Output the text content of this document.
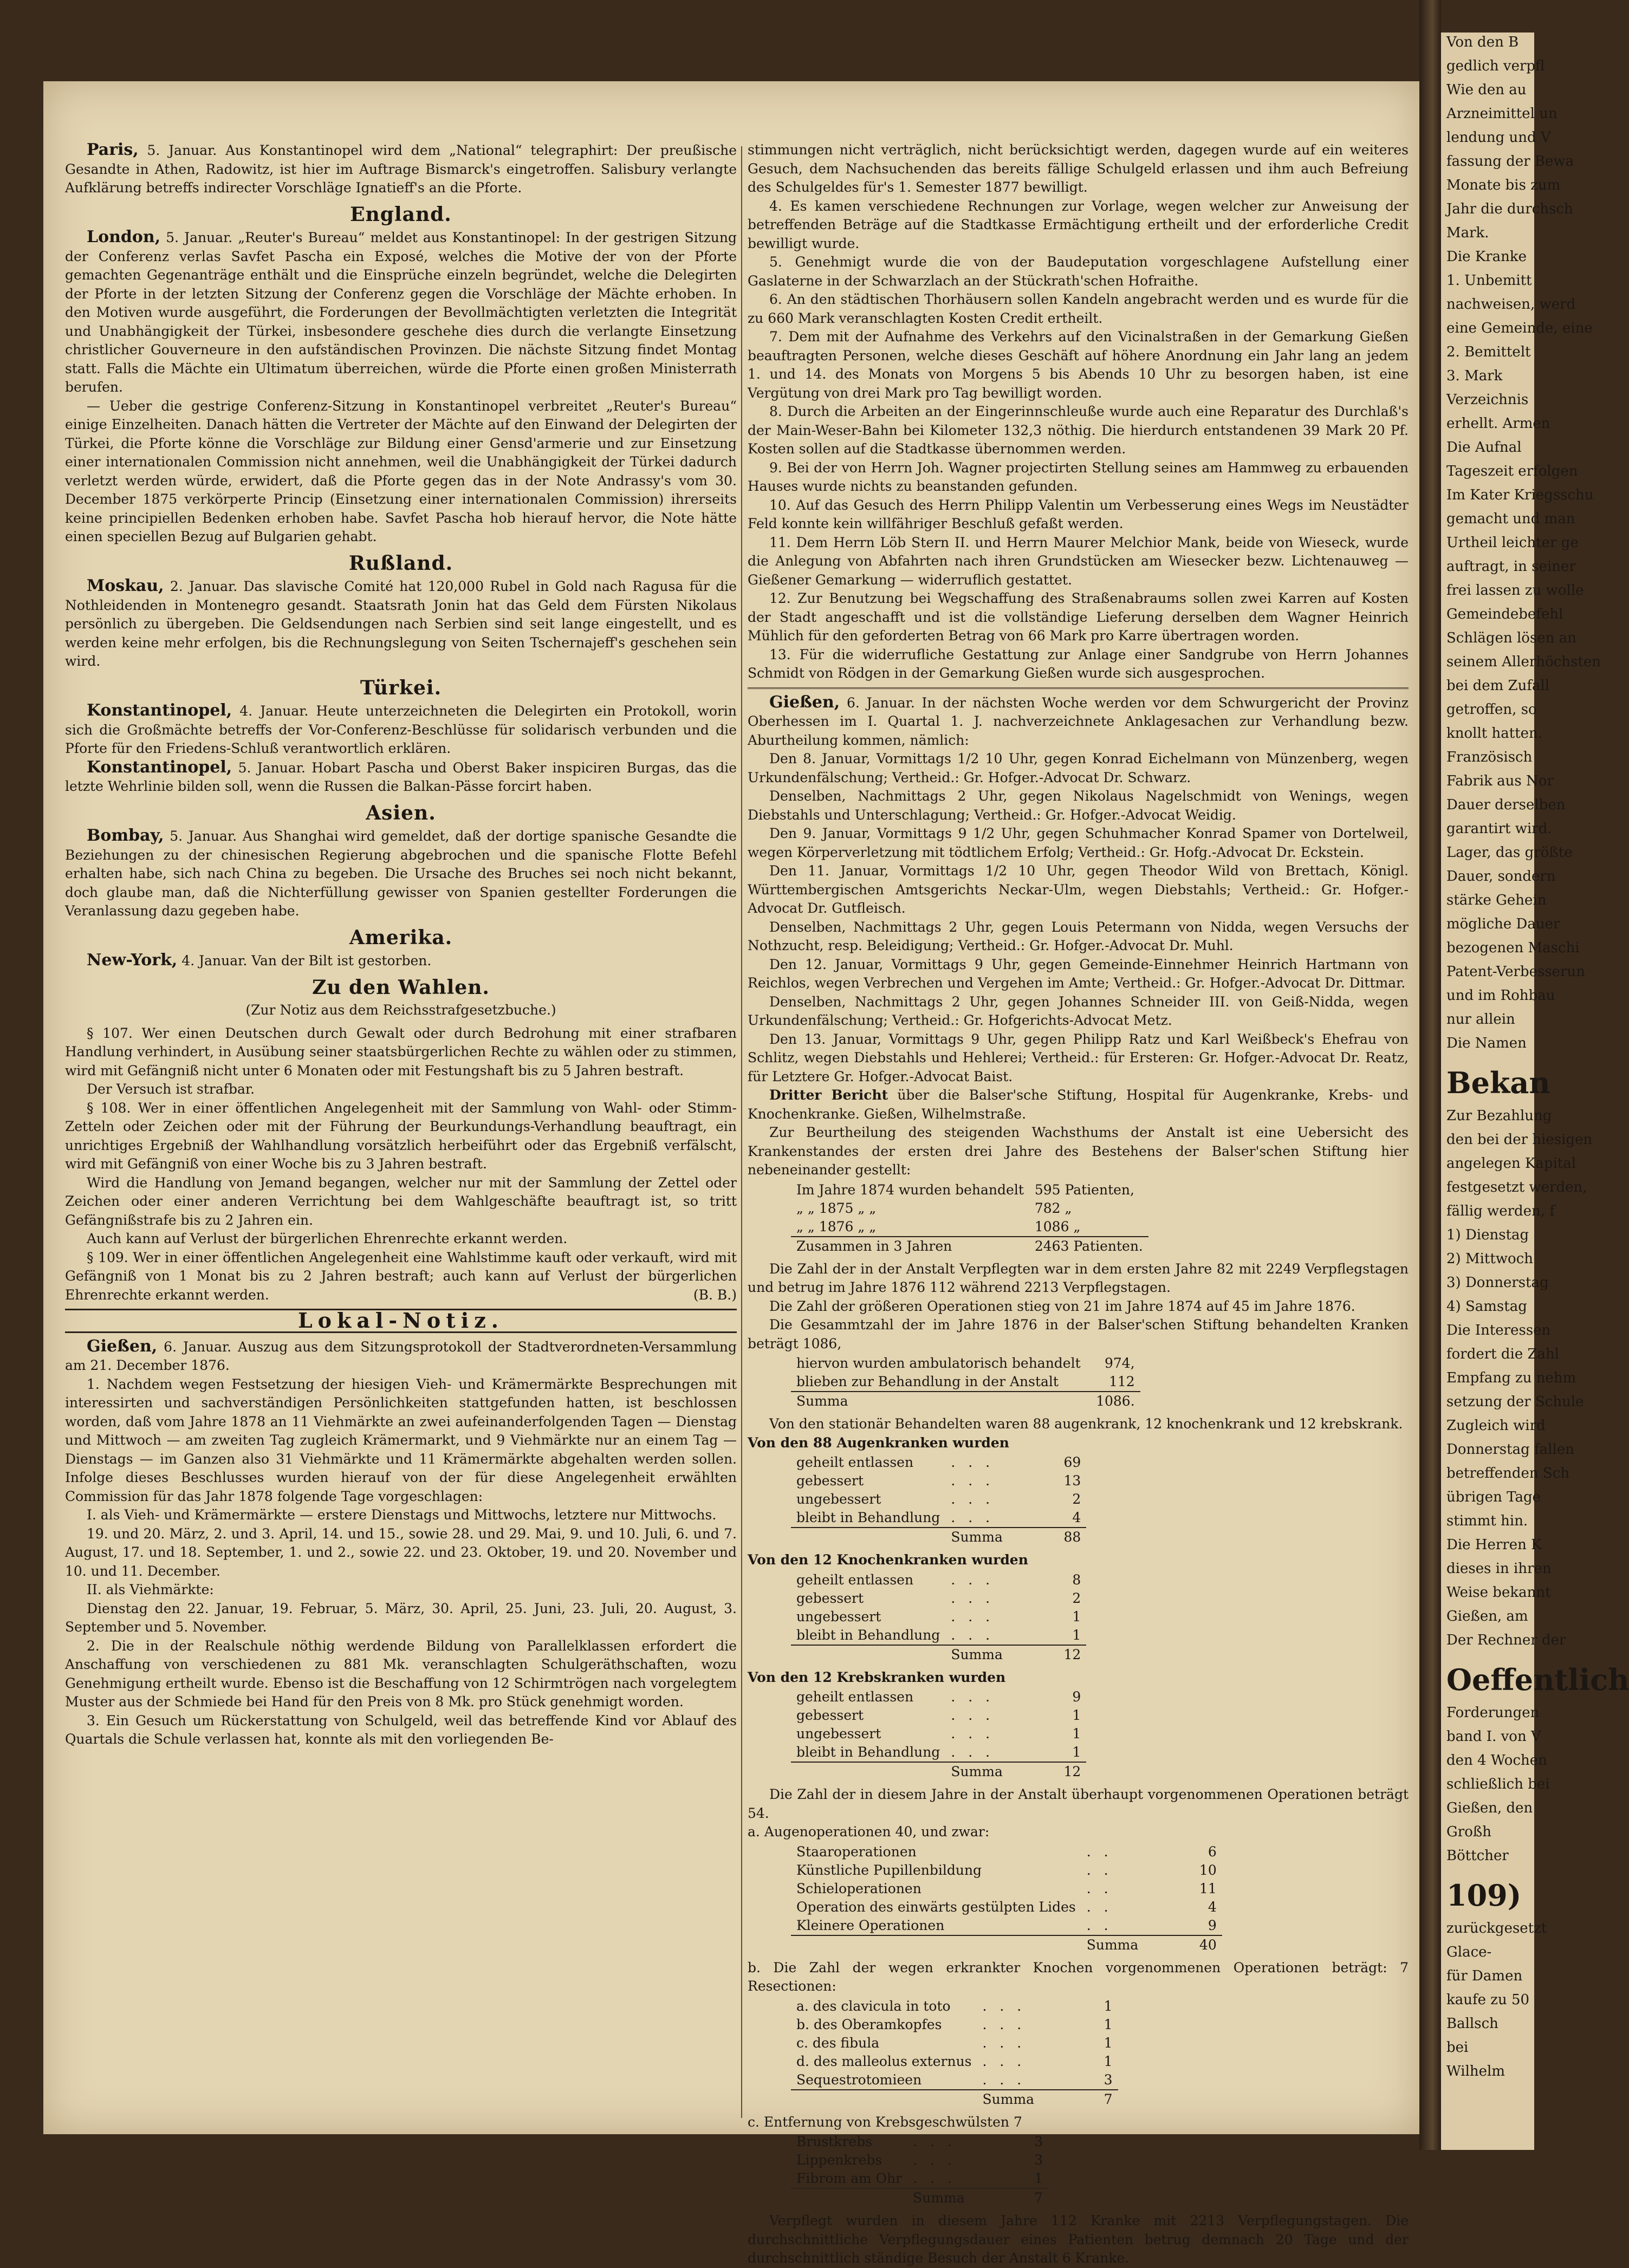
Paris, 5. Januar. Aus Konstantinopel wird dem „National“ telegraphirt: Der preußische Gesandte in Athen, Radowitz, ist hier im Auftrage Bismarck's eingetroffen. Salisbury verlangte Aufklärung betreffs indirecter Vorschläge Ignatieff's an die Pforte.

England.

London, 5. Januar. „Reuter's Bureau“ meldet aus Konstantinopel: In der gestrigen Sitzung der Conferenz verlas Savfet Pascha ein Exposé, welches die Motive der von der Pforte gemachten Gegenanträge enthält und die Einsprüche einzeln begründet, welche die Delegirten der Pforte in der letzten Sitzung der Conferenz gegen die Vorschläge der Mächte erhoben. In den Motiven wurde ausgeführt, die Forderungen der Bevollmächtigten verletzten die Integrität und Unabhängigkeit der Türkei, insbesondere geschehe dies durch die verlangte Einsetzung christlicher Gouverneure in den aufständischen Provinzen. Die nächste Sitzung findet Montag statt. Falls die Mächte ein Ultimatum überreichen, würde die Pforte einen großen Ministerrath berufen.

— Ueber die gestrige Conferenz-Sitzung in Konstantinopel verbreitet „Reuter's Bureau“ einige Einzelheiten. Danach hätten die Vertreter der Mächte auf den Einwand der Delegirten der Türkei, die Pforte könne die Vorschläge zur Bildung einer Gensd'armerie und zur Einsetzung einer internationalen Commission nicht annehmen, weil die Unabhängigkeit der Türkei dadurch verletzt werden würde, erwidert, daß die Pforte gegen das in der Note Andrassy's vom 30. December 1875 verkörperte Princip (Einsetzung einer internationalen Commission) ihrerseits keine principiellen Bedenken erhoben habe. Savfet Pascha hob hierauf hervor, die Note hätte einen speciellen Bezug auf Bulgarien gehabt.

Rußland.

Moskau, 2. Januar. Das slavische Comité hat 120,000 Rubel in Gold nach Ragusa für die Nothleidenden in Montenegro gesandt. Staatsrath Jonin hat das Geld dem Fürsten Nikolaus persönlich zu übergeben. Die Geldsendungen nach Serbien sind seit lange eingestellt, und es werden keine mehr erfolgen, bis die Rechnungslegung von Seiten Tschernajeff's geschehen sein wird.

Türkei.

Konstantinopel, 4. Januar. Heute unterzeichneten die Delegirten ein Protokoll, worin sich die Großmächte betreffs der Vor-Conferenz-Beschlüsse für solidarisch verbunden und die Pforte für den Friedens-Schluß verantwortlich erklären.

Konstantinopel, 5. Januar. Hobart Pascha und Oberst Baker inspiciren Burgas, das die letzte Wehrlinie bilden soll, wenn die Russen die Balkan-Pässe forcirt haben.

Asien.

Bombay, 5. Januar. Aus Shanghai wird gemeldet, daß der dortige spanische Gesandte die Beziehungen zu der chinesischen Regierung abgebrochen und die spanische Flotte Befehl erhalten habe, sich nach China zu begeben. Die Ursache des Bruches sei noch nicht bekannt, doch glaube man, daß die Nichterfüllung gewisser von Spanien gestellter Forderungen die Veranlassung dazu gegeben habe.

Amerika.

New-York, 4. Januar. Van der Bilt ist gestorben.

Zu den Wahlen.
(Zur Notiz aus dem Reichsstrafgesetzbuche.)

§ 107. Wer einen Deutschen durch Gewalt oder durch Bedrohung mit einer strafbaren Handlung verhindert, in Ausübung seiner staatsbürgerlichen Rechte zu wählen oder zu stimmen, wird mit Gefängniß nicht unter 6 Monaten oder mit Festungshaft bis zu 5 Jahren bestraft.

Der Versuch ist strafbar.

§ 108. Wer in einer öffentlichen Angelegenheit mit der Sammlung von Wahl- oder Stimm-Zetteln oder Zeichen oder mit der Führung der Beurkundungs-Verhandlung beauftragt, ein unrichtiges Ergebniß der Wahlhandlung vorsätzlich herbeiführt oder das Ergebniß verfälscht, wird mit Gefängniß von einer Woche bis zu 3 Jahren bestraft.

Wird die Handlung von Jemand begangen, welcher nur mit der Sammlung der Zettel oder Zeichen oder einer anderen Verrichtung bei dem Wahlgeschäfte beauftragt ist, so tritt Gefängnißstrafe bis zu 2 Jahren ein.

Auch kann auf Verlust der bürgerlichen Ehrenrechte erkannt werden.

§ 109. Wer in einer öffentlichen Angelegenheit eine Wahlstimme kauft oder verkauft, wird mit Gefängniß von 1 Monat bis zu 2 Jahren bestraft; auch kann auf Verlust der bürgerlichen Ehrenrechte erkannt werden.	(B. B.)

Lokal-Notiz.

Gießen, 6. Januar. Auszug aus dem Sitzungsprotokoll der Stadtverordneten-Versammlung am 21. December 1876.

1. Nachdem wegen Festsetzung der hiesigen Vieh- und Krämermärkte Besprechungen mit interessirten und sachverständigen Persönlichkeiten stattgefunden hatten, ist beschlossen worden, daß vom Jahre 1878 an 11 Viehmärkte an zwei aufeinanderfolgenden Tagen — Dienstag und Mittwoch — am zweiten Tag zugleich Krämermarkt, und 9 Viehmärkte nur an einem Tag — Dienstags — im Ganzen also 31 Viehmärkte und 11 Krämermärkte abgehalten werden sollen. Infolge dieses Beschlusses wurden hierauf von der für diese Angelegenheit erwählten Commission für das Jahr 1878 folgende Tage vorgeschlagen:

I. als Vieh- und Krämermärkte — erstere Dienstags und Mittwochs, letztere nur Mittwochs.

19. und 20. März, 2. und 3. April, 14. und 15., sowie 28. und 29. Mai, 9. und 10. Juli, 6. und 7. August, 17. und 18. September, 1. und 2., sowie 22. und 23. Oktober, 19. und 20. November und 10. und 11. December.

II. als Viehmärkte:

Dienstag den 22. Januar, 19. Februar, 5. März, 30. April, 25. Juni, 23. Juli, 20. August, 3. September und 5. November.

2. Die in der Realschule nöthig werdende Bildung von Parallelklassen erfordert die Anschaffung von verschiedenen zu 881 Mk. veranschlagten Schulgeräthschaften, wozu Genehmigung ertheilt wurde. Ebenso ist die Beschaffung von 12 Schirmtrögen nach vorgelegtem Muster aus der Schmiede bei Hand für den Preis von 8 Mk. pro Stück genehmigt worden.

3. Ein Gesuch um Rückerstattung von Schulgeld, weil das betreffende Kind vor Ablauf des Quartals die Schule verlassen hat, konnte als mit den vorliegenden Be-

stimmungen nicht verträglich, nicht berücksichtigt werden, dagegen wurde auf ein weiteres Gesuch, dem Nachsuchenden das bereits fällige Schulgeld erlassen und ihm auch Befreiung des Schulgeldes für's 1. Semester 1877 bewilligt.

4. Es kamen verschiedene Rechnungen zur Vorlage, wegen welcher zur Anweisung der betreffenden Beträge auf die Stadtkasse Ermächtigung ertheilt und der erforderliche Credit bewilligt wurde.

5. Genehmigt wurde die von der Baudeputation vorgeschlagene Aufstellung einer Gaslaterne in der Schwarzlach an der Stückrath'schen Hofraithe.

6. An den städtischen Thorhäusern sollen Kandeln angebracht werden und es wurde für die zu 660 Mark veranschlagten Kosten Credit ertheilt.

7. Dem mit der Aufnahme des Verkehrs auf den Vicinalstraßen in der Gemarkung Gießen beauftragten Personen, welche dieses Geschäft auf höhere Anordnung ein Jahr lang an jedem 1. und 14. des Monats von Morgens 5 bis Abends 10 Uhr zu besorgen haben, ist eine Vergütung von drei Mark pro Tag bewilligt worden.

8. Durch die Arbeiten an der Eingerinnschleuße wurde auch eine Reparatur des Durchlaß's der Main-Weser-Bahn bei Kilometer 132,3 nöthig. Die hierdurch entstandenen 39 Mark 20 Pf. Kosten sollen auf die Stadtkasse übernommen werden.

9. Bei der von Herrn Joh. Wagner projectirten Stellung seines am Hammweg zu erbauenden Hauses wurde nichts zu beanstanden gefunden.

10. Auf das Gesuch des Herrn Philipp Valentin um Verbesserung eines Wegs im Neustädter Feld konnte kein willfähriger Beschluß gefaßt werden.

11. Dem Herrn Löb Stern II. und Herrn Maurer Melchior Mank, beide von Wieseck, wurde die Anlegung von Abfahrten nach ihren Grundstücken am Wiesecker bezw. Lichtenauweg — Gießener Gemarkung — widerruflich gestattet.

12. Zur Benutzung bei Wegschaffung des Straßenabraums sollen zwei Karren auf Kosten der Stadt angeschafft und ist die vollständige Lieferung derselben dem Wagner Heinrich Mühlich für den geforderten Betrag von 66 Mark pro Karre übertragen worden.

13. Für die widerrufliche Gestattung zur Anlage einer Sandgrube von Herrn Johannes Schmidt von Rödgen in der Gemarkung Gießen wurde sich ausgesprochen.

Gießen, 6. Januar. In der nächsten Woche werden vor dem Schwurgericht der Provinz Oberhessen im I. Quartal 1. J. nachverzeichnete Anklagesachen zur Verhandlung bezw. Aburtheilung kommen, nämlich:

Den 8. Januar, Vormittags 1/2 10 Uhr, gegen Konrad Eichelmann von Münzenberg, wegen Urkundenfälschung; Vertheid.: Gr. Hofger.-Advocat Dr. Schwarz.

Denselben, Nachmittags 2 Uhr, gegen Nikolaus Nagelschmidt von Wenings, wegen Diebstahls und Unterschlagung; Vertheid.: Gr. Hofger.-Advocat Weidig.

Den 9. Januar, Vormittags 9 1/2 Uhr, gegen Schuhmacher Konrad Spamer von Dortelweil, wegen Körperverletzung mit tödtlichem Erfolg; Vertheid.: Gr. Hofg.-Advocat Dr. Eckstein.

Den 11. Januar, Vormittags 1/2 10 Uhr, gegen Theodor Wild von Brettach, Königl. Württembergischen Amtsgerichts Neckar-Ulm, wegen Diebstahls; Vertheid.: Gr. Hofger.-Advocat Dr. Gutfleisch.

Denselben, Nachmittags 2 Uhr, gegen Louis Petermann von Nidda, wegen Versuchs der Nothzucht, resp. Beleidigung; Vertheid.: Gr. Hofger.-Advocat Dr. Muhl.

Den 12. Januar, Vormittags 9 Uhr, gegen Gemeinde-Einnehmer Heinrich Hartmann von Reichlos, wegen Verbrechen und Vergehen im Amte; Vertheid.: Gr. Hofger.-Advocat Dr. Dittmar.

Denselben, Nachmittags 2 Uhr, gegen Johannes Schneider III. von Geiß-Nidda, wegen Urkundenfälschung; Vertheid.: Gr. Hofgerichts-Advocat Metz.

Den 13. Januar, Vormittags 9 Uhr, gegen Philipp Ratz und Karl Weißbeck's Ehefrau von Schlitz, wegen Diebstahls und Hehlerei; Vertheid.: für Ersteren: Gr. Hofger.-Advocat Dr. Reatz, für Letztere Gr. Hofger.-Advocat Baist.

Dritter Bericht über die Balser'sche Stiftung, Hospital für Augenkranke, Krebs- und Knochenkranke. Gießen, Wilhelmstraße.

Zur Beurtheilung des steigenden Wachsthums der Anstalt ist eine Uebersicht des Krankenstandes der ersten drei Jahre des Bestehens der Balser'schen Stiftung hier nebeneinander gestellt:

Im Jahre 1874 wurden behandelt	595 Patienten,
„ „ 1875 „ „	782 „
„ „ 1876 „ „	1086 „
Zusammen in 3 Jahren	2463 Patienten.

Die Zahl der in der Anstalt Verpflegten war in dem ersten Jahre 82 mit 2249 Verpflegstagen und betrug im Jahre 1876 112 während 2213 Verpflegstagen.

Die Zahl der größeren Operationen stieg von 21 im Jahre 1874 auf 45 im Jahre 1876.

Die Gesammtzahl der im Jahre 1876 in der Balser'schen Stiftung behandelten Kranken beträgt 1086,

hiervon wurden ambulatorisch behandelt	974,
blieben zur Behandlung in der Anstalt	112
Summa	1086.

Von den stationär Behandelten waren 88 augenkrank, 12 knochenkrank und 12 krebskrank.

Von den 88 Augenkranken wurden

geheilt entlassen	. . .	69
gebessert	. . .	13
ungebessert	. . .	2
bleibt in Behandlung	. . .	4
	Summa	88

Von den 12 Knochenkranken wurden

geheilt entlassen	. . .	8
gebessert	. . .	2
ungebessert	. . .	1
bleibt in Behandlung	. . .	1
	Summa	12

Von den 12 Krebskranken wurden

geheilt entlassen	. . .	9
gebessert	. . .	1
ungebessert	. . .	1
bleibt in Behandlung	. . .	1
	Summa	12

Die Zahl der in diesem Jahre in der Anstalt überhaupt vorgenommenen Operationen beträgt 54.

a. Augenoperationen 40, und zwar:

Staaroperationen	. .	6
Künstliche Pupillenbildung	. .	10
Schieloperationen	. .	11
Operation des einwärts gestülpten Lides	. .	4
Kleinere Operationen	. .	9
	Summa	40

b. Die Zahl der wegen erkrankter Knochen vorgenommenen Operationen beträgt: 7 Resectionen:

a. des clavicula in toto	. . .	1
b. des Oberamkopfes	. . .	1
c. des fibula	. . .	1
d. des malleolus externus	. . .	1
Sequestrotomieen	. . .	3
	Summa	7

c. Entfernung von Krebsgeschwülsten 7

Brustkrebs	. . .	3
Lippenkrebs	. . .	3
Fibrom am Ohr	. . .	1
	Summa	7

Verpflegt wurden in diesem Jahre 112 Kranke mit 2213 Verpflegungstagen. Die durchschnittliche Verpflegungsdauer eines Patienten betrug demnach 20 Tage und der durchschnittlich ständige Besuch der Anstalt 6 Kranke.

Von den B

gedlich verpfl

Wie den au

Arzneimittel un

lendung und V

fassung der Bewa

Monate bis zum

Jahr die durchsch

Mark.

Die Kranke

1. Unbemitt

nachweisen, werd

eine Gemeinde, eine

2. Bemittelt

3. Mark

Verzeichnis

erhellt. Armen

Die Aufnal

Tageszeit erfolgen

Im Kater Kriegsschu

gemacht und man

Urtheil leichter ge

auftragt, in seiner

frei lassen zu wolle

Gemeindebefehl

Schlägen lösen an

seinem Allerhöchsten

bei dem Zufall

getroffen, so

knollt hatten.

Französisch

Fabrik aus Nor

Dauer derselben

garantirt wird.

Lager, das größte

Dauer, sondern

stärke Gehein

mögliche Dauer

bezogenen Maschi

Patent-Verbesserun

und im Rohbau

nur allein

Die Namen

Bekan

Zur Bezahlung

den bei der hiesigen

angelegen Kapital

festgesetzt werden,

fällig werden, f

1) Dienstag

2) Mittwoch

3) Donnerstag

4) Samstag

Die Interessen

fordert die Zahl

Empfang zu nehm

setzung der Schule

Zugleich wird

Donnerstag fallen

betreffenden Sch

übrigen Tage

stimmt hin.

Die Herren K

dieses in ihren

Weise bekannt

Gießen, am

Der Rechner der

Oeffentlich

Forderungen

band I. von V

den 4 Wochen

schließlich bei

Gießen, den

Großh

Böttcher

109)

zurückgesetzt

Glace-

für Damen

kaufe zu 50

Ballsch

bei

Wilhelm
